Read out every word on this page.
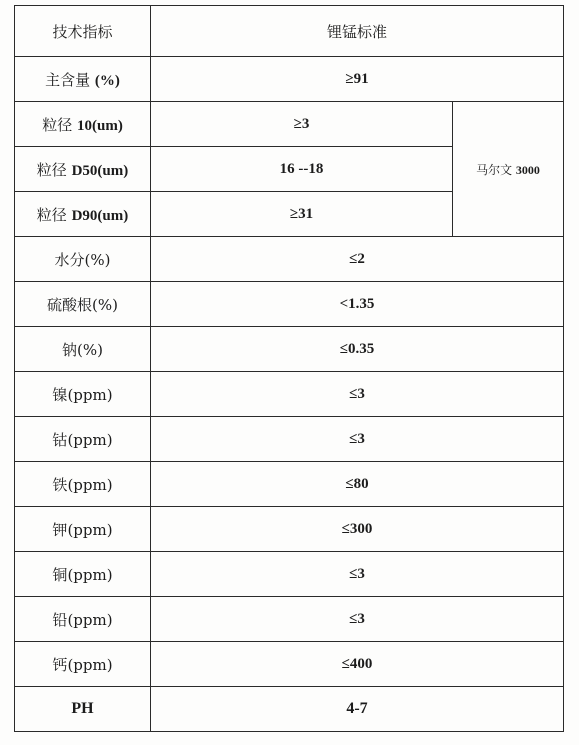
技术指标	锂锰标准	
主含量 (%)	≥91	
粒径 10(um)	≥3	马尔文 3000
粒径 D50(um)	16 --18	
粒径 D90(um)	≥31	
水分(%)	≤2	
硫酸根(%)	<1.35	
钠(%)	≤0.35	
镍(ppm)	≤3	
钴(ppm)	≤3	
铁(ppm)	≤80	
钾(ppm)	≤300	
铜(ppm)	≤3	
铅(ppm)	≤3	
钙(ppm)	≤400	
PH	4-7	
